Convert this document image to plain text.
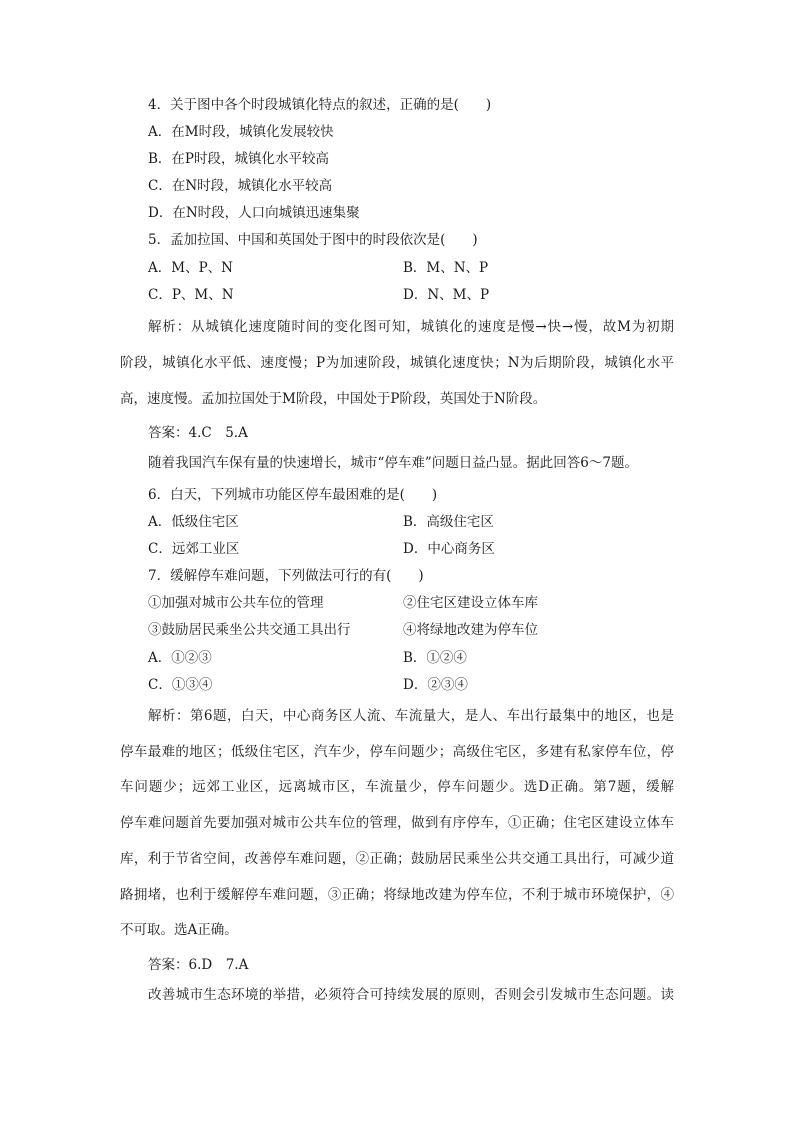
4．关于图中各个时段城镇化特点的叙述，正确的是(　　)
A．在M时段，城镇化发展较快
B．在P时段，城镇化水平较高
C．在N时段，城镇化水平较高
D．在N时段，人口向城镇迅速集聚
5．孟加拉国、中国和英国处于图中的时段依次是(　　)
A．M、P、N	B．M、N、P
C．P、M、N	D．N、M、P
解析：从城镇化速度随时间的变化图可知，城镇化的速度是慢→快→慢，故M为初期
阶段，城镇化水平低、速度慢；P为加速阶段，城镇化速度快；N为后期阶段，城镇化水平
高，速度慢。孟加拉国处于M阶段，中国处于P阶段，英国处于N阶段。
答案：4.C　5.A
随着我国汽车保有量的快速增长，城市“停车难”问题日益凸显。据此回答6～7题。
6．白天，下列城市功能区停车最困难的是(　　)
A．低级住宅区	B．高级住宅区
C．远郊工业区	D．中心商务区
7．缓解停车难问题，下列做法可行的有(　　)
①加强对城市公共车位的管理	②住宅区建设立体车库
③鼓励居民乘坐公共交通工具出行	④将绿地改建为停车位
A．①②③	B．①②④
C．①③④	D．②③④
解析：第6题，白天，中心商务区人流、车流量大，是人、车出行最集中的地区，也是
停车最难的地区；低级住宅区，汽车少，停车问题少；高级住宅区，多建有私家停车位，停
车问题少；远郊工业区，远离城市区，车流量少，停车问题少。选D正确。第7题，缓解
停车难问题首先要加强对城市公共车位的管理，做到有序停车，①正确；住宅区建设立体车
库，利于节省空间，改善停车难问题，②正确；鼓励居民乘坐公共交通工具出行，可减少道
路拥堵，也利于缓解停车难问题，③正确；将绿地改建为停车位，不利于城市环境保护，④
不可取。选A正确。
答案：6.D　7.A
改善城市生态环境的举措，必须符合可持续发展的原则，否则会引发城市生态问题。读
